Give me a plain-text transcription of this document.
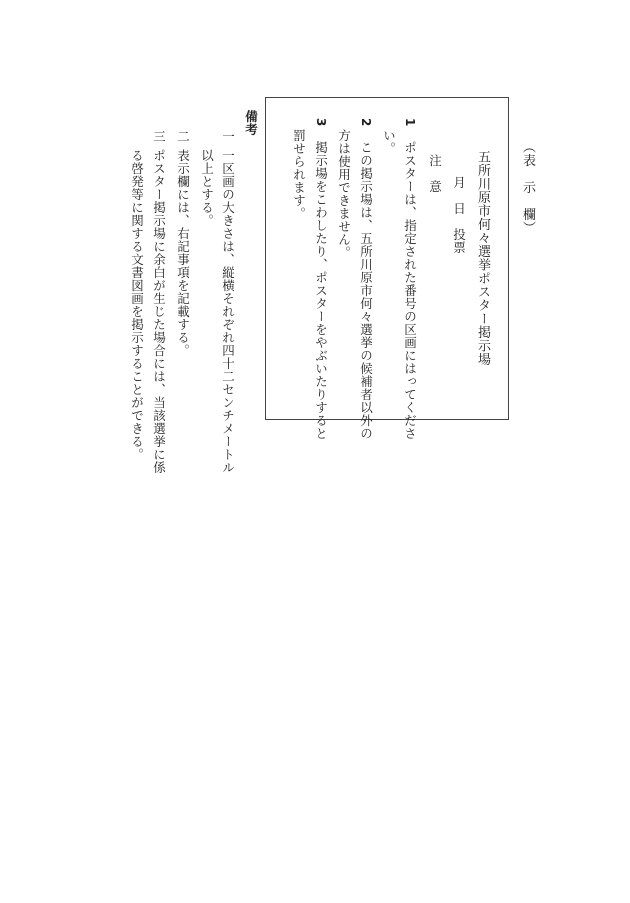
（表　示　欄）
五所川原市何々選挙ポスター掲示場
月　日　投票
注　意
1
ポスターは、指定された番号の区画にはってくださ
い。
2
この掲示場は、五所川原市何々選挙の候補者以外の
方は使用できません。
3
掲示場をこわしたり、ポスターをやぶいたりすると
罰せられます。
備考
一
一区画の大きさは、縦横それぞれ四十二センチメートル
以上とする。
二
表示欄には、右記事項を記載する。
三
ポスター掲示場に余白が生じた場合には、当該選挙に係
る啓発等に関する文書図画を掲示することができる。
